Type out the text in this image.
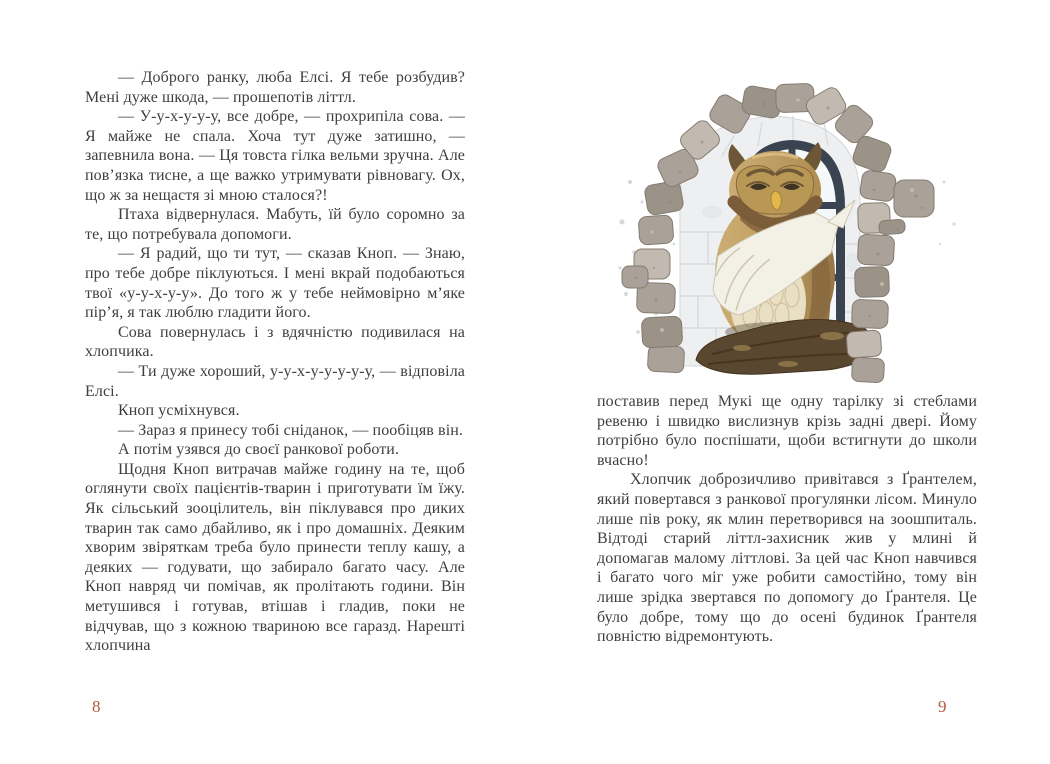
— Доброго ранку, люба Елсі. Я тебе розбудив? Мені дуже шкода, — прошепотів літтл.

— У-у-х-у-у-у, все добре, — прохрипіла сова. — Я майже не спала. Хоча тут дуже затишно, — запевнила вона. — Ця товста гілка вельми зручна. Але пов’язка тисне, а ще важко утримувати рівновагу. Ох, що ж за нещастя зі мною сталося?!

Птаха відвернулася. Мабуть, їй було соромно за те, що потребувала допомоги.

— Я радий, що ти тут, — сказав Кноп. — Знаю, про тебе добре піклуються. І мені вкрай подобаються твої «у-у-х-у-у». До того ж у тебе неймовірно м’яке пір’я, я так люблю гладити його.

Сова повернулась і з вдячністю подивилася на хлопчика.

— Ти дуже хороший, у-у-х-у-у-у-у-у, — відповіла Елсі.

Кноп усміхнувся.

— Зараз я принесу тобі сніданок, — пообіцяв він.

А потім узявся до своєї ранкової роботи.

Щодня Кноп витрачав майже годину на те, щоб оглянути своїх пацієнтів-тварин і приготувати їм їжу. Як сільський зооцілитель, він піклувався про диких тварин так само дбайливо, як і про домашніх. Деяким хворим звіряткам треба було принести теплу кашу, а деяких — годувати, що забирало багато часу. Але Кноп навряд чи помічав, як пролітають години. Він метушився і готував, втішав і гладив, поки не відчував, що з кожною твариною все гаразд. Нарешті хлопчина

8

поставив перед Мукі ще одну тарілку зі стеблами ревеню і швидко вислизнув крізь задні двері. Йому потрібно було поспішати, щоби встигнути до школи вчасно!

Хлопчик доброзичливо привітався з Ґрантелем, який повертався з ранкової прогулянки лісом. Минуло лише пів року, як млин перетворився на зоошпиталь. Відтоді старий літтл-захисник жив у млині й допомагав малому літтлові. За цей час Кноп навчився і багато чого міг уже робити самостійно, тому він лише зрідка звертався по допомогу до Ґрантеля. Це було добре, тому що до осені будинок Ґрантеля повністю відремонтують.

9
